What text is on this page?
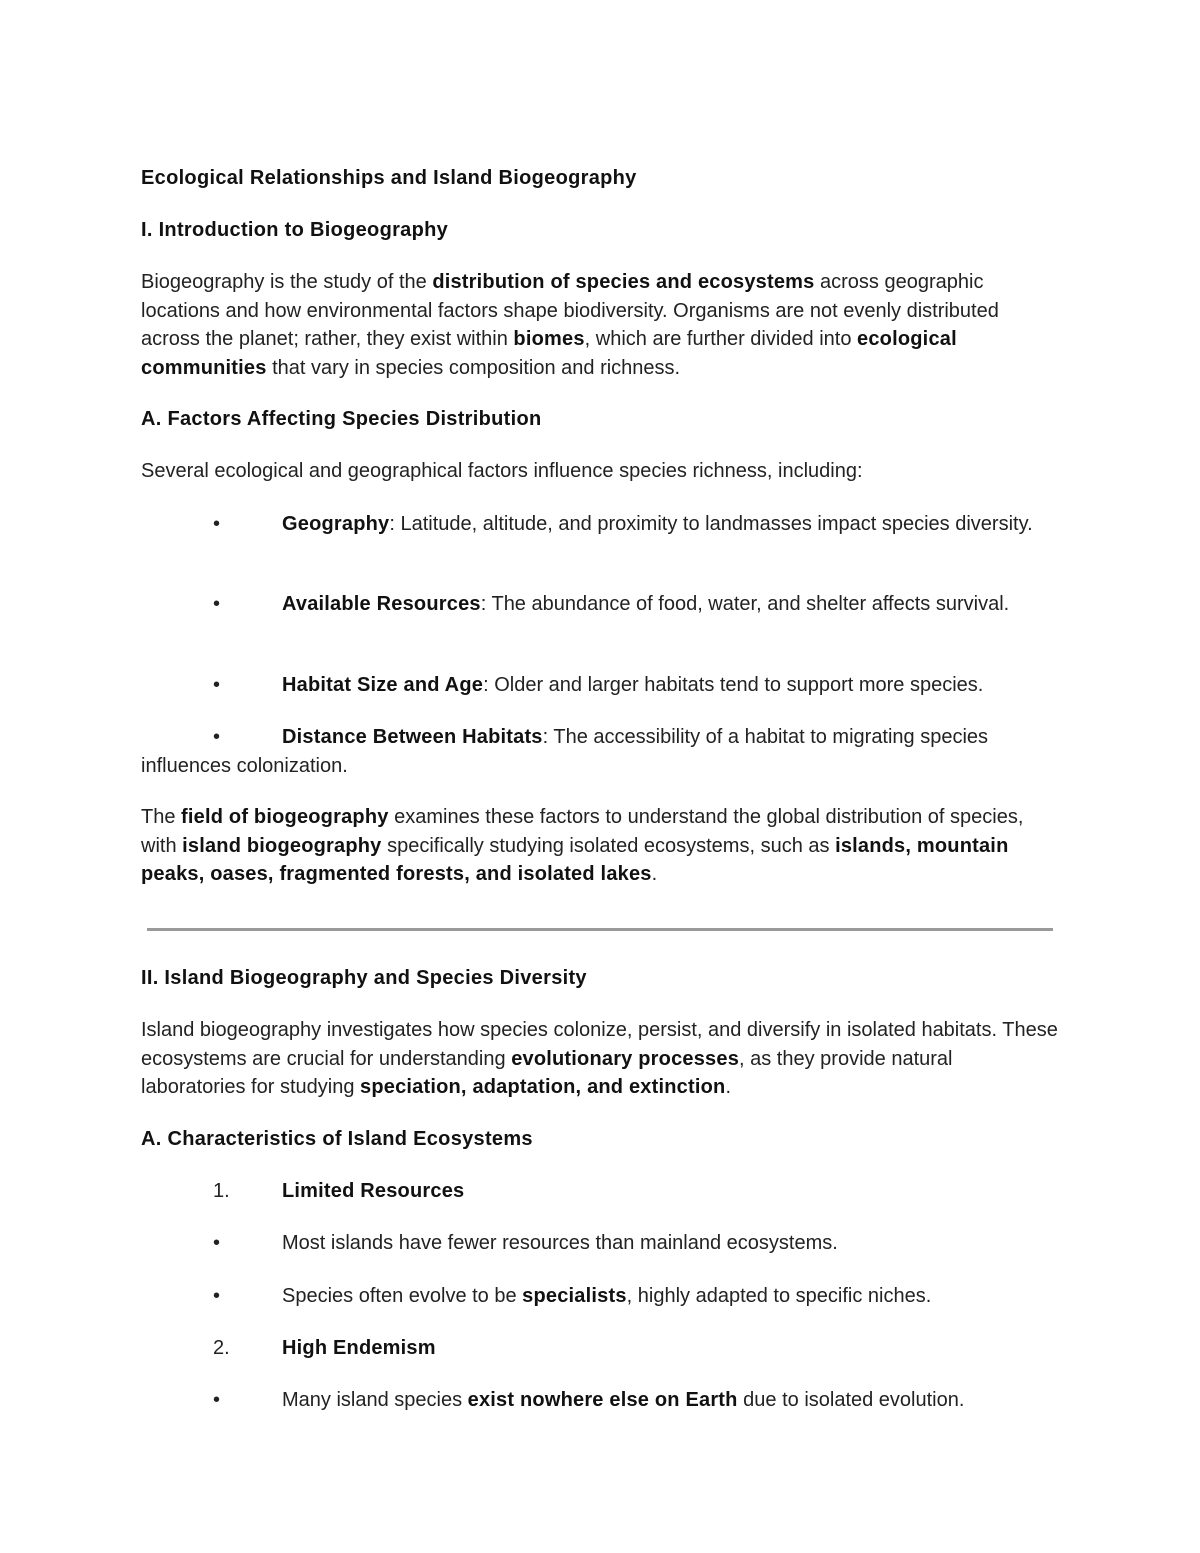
Ecological Relationships and Island Biogeography

I. Introduction to Biogeography

Biogeography is the study of the distribution of species and ecosystems across geographic locations and how environmental factors shape biodiversity. Organisms are not evenly distributed across the planet; rather, they exist within biomes, which are further divided into ecological communities that vary in species composition and richness.

A. Factors Affecting Species Distribution

Several ecological and geographical factors influence species richness, including:

•	Geography: Latitude, altitude, and proximity to landmasses impact species diversity.

•	Available Resources: The abundance of food, water, and shelter affects survival.

•	Habitat Size and Age: Older and larger habitats tend to support more species.

•	Distance Between Habitats: The accessibility of a habitat to migrating species influences colonization.

The field of biogeography examines these factors to understand the global distribution of species, with island biogeography specifically studying isolated ecosystems, such as islands, mountain peaks, oases, fragmented forests, and isolated lakes.

II. Island Biogeography and Species Diversity

Island biogeography investigates how species colonize, persist, and diversify in isolated habitats. These ecosystems are crucial for understanding evolutionary processes, as they provide natural laboratories for studying speciation, adaptation, and extinction.

A. Characteristics of Island Ecosystems

1.	Limited Resources

•	Most islands have fewer resources than mainland ecosystems.

•	Species often evolve to be specialists, highly adapted to specific niches.

2.	High Endemism

•	Many island species exist nowhere else on Earth due to isolated evolution.
